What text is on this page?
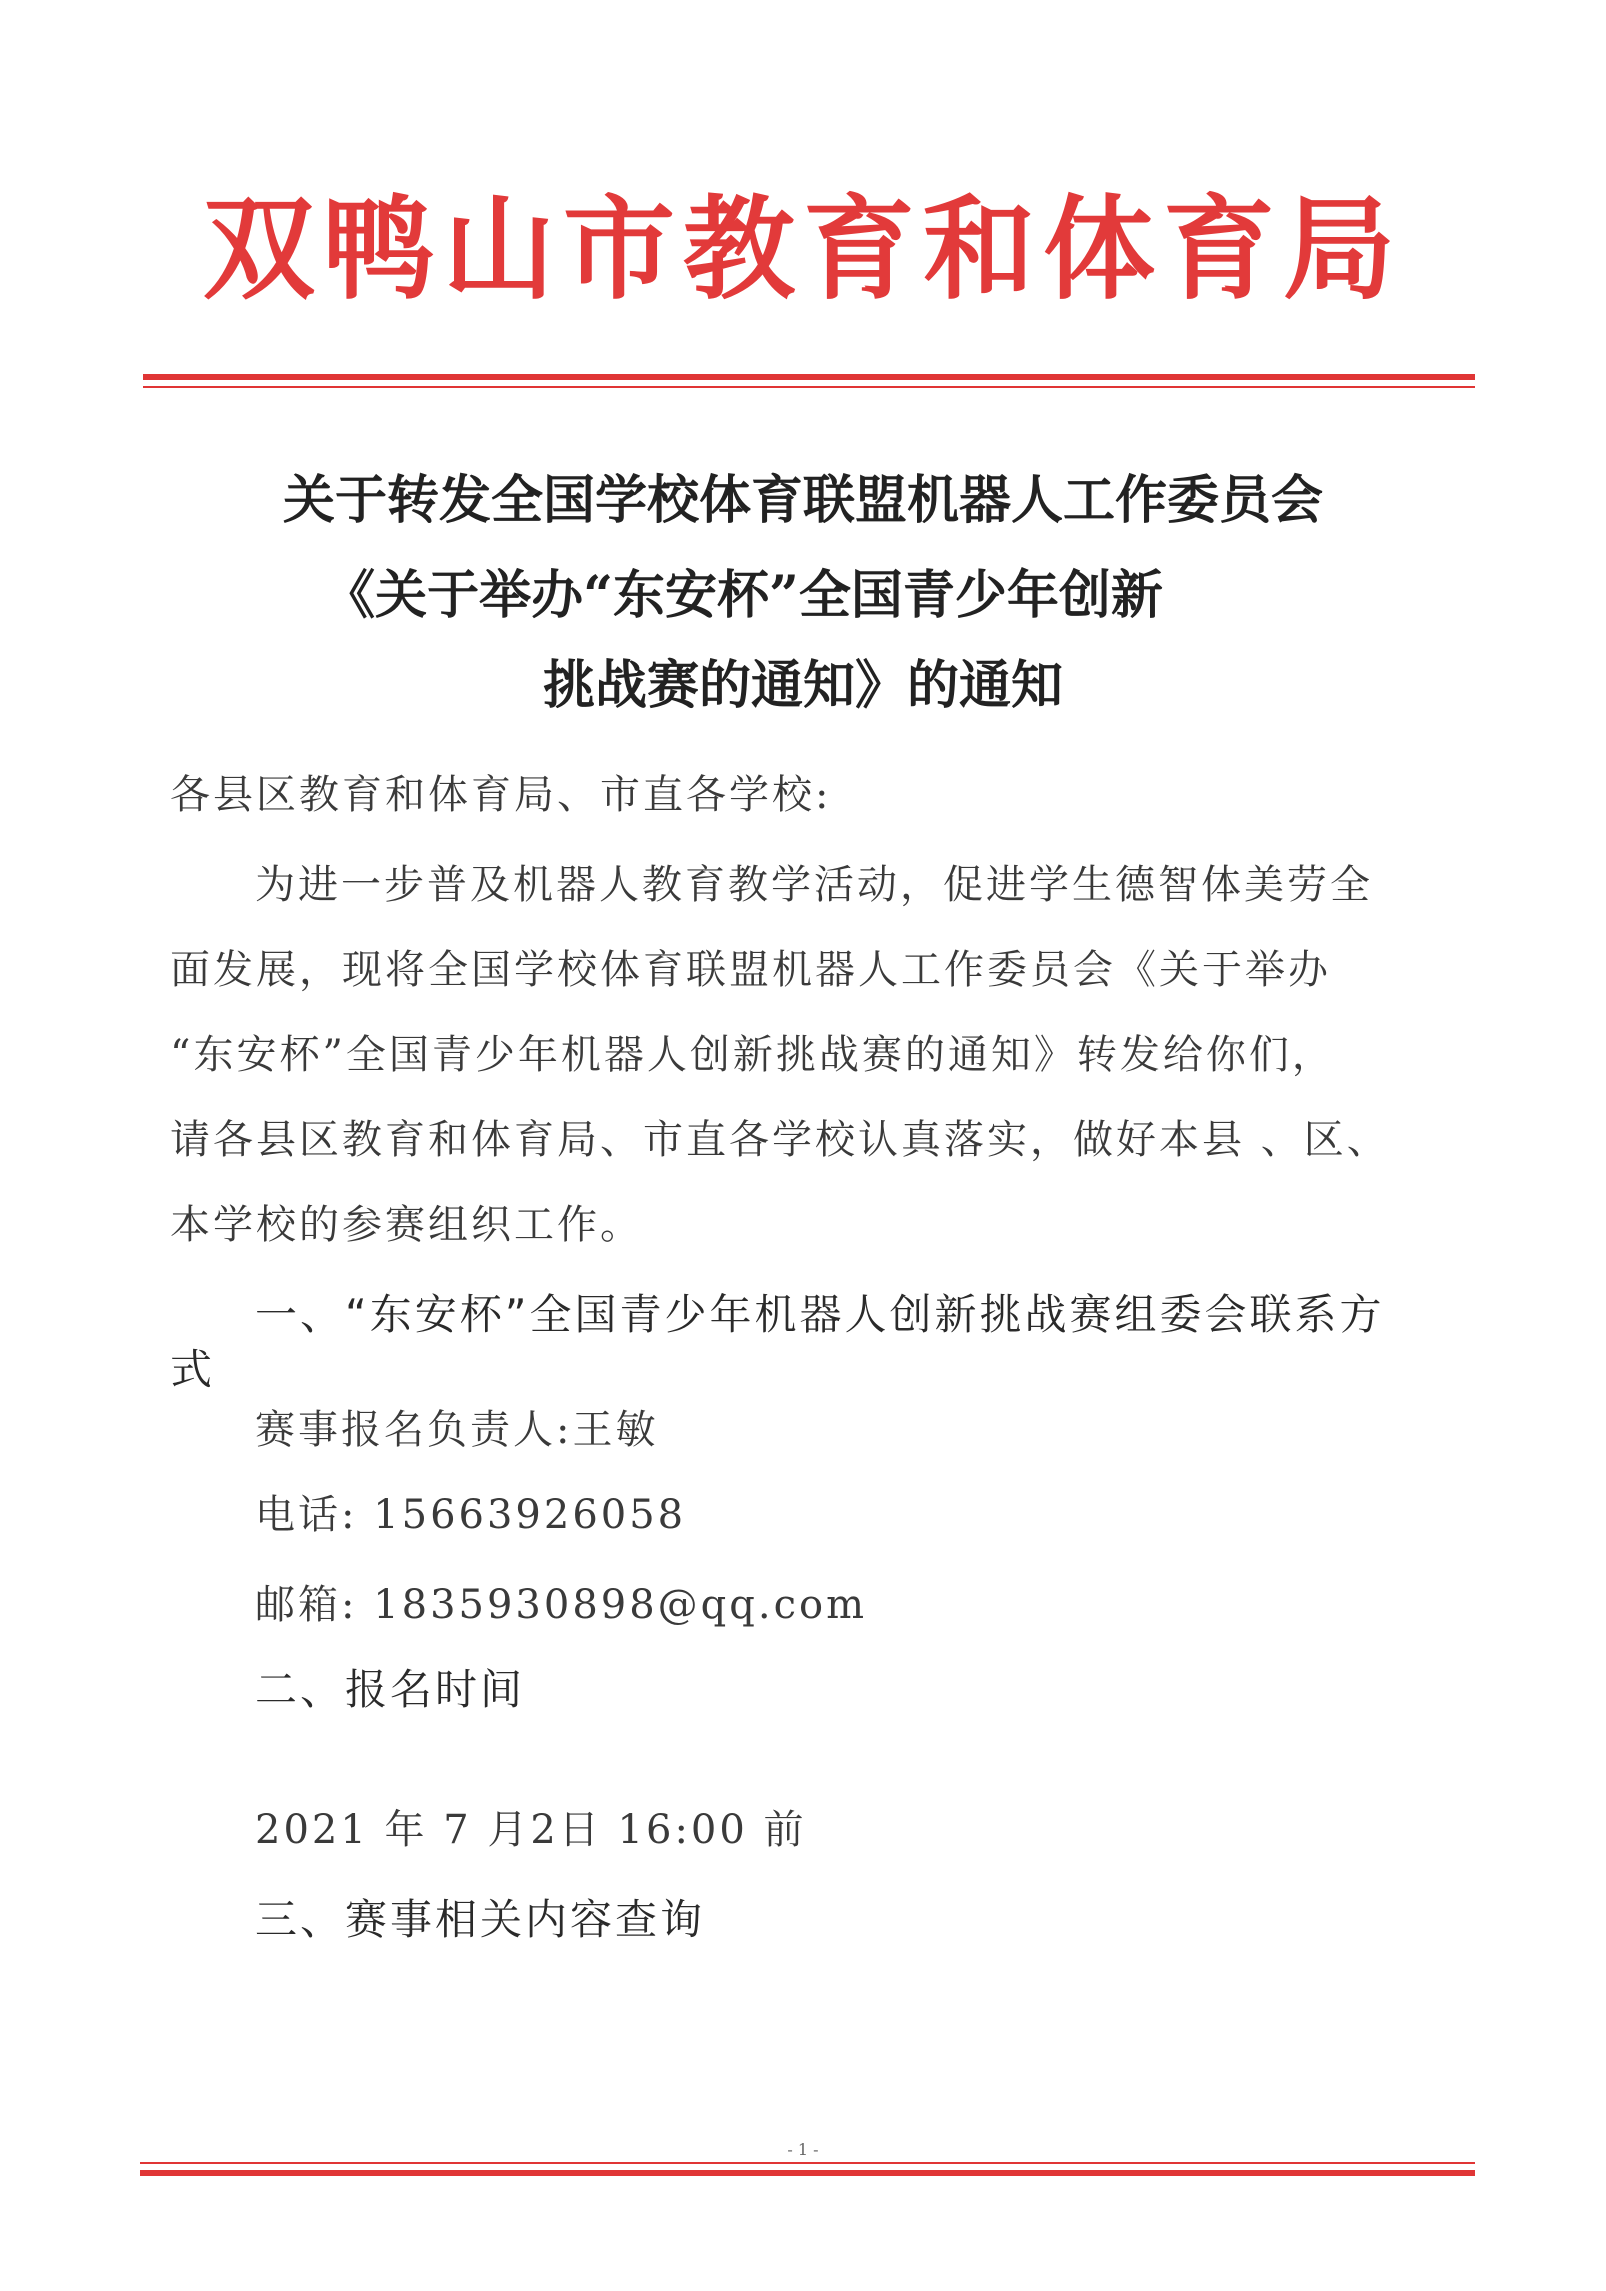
双鸭山市教育和体育局
关于转发全国学校体育联盟机器人工作委员会
《关于举办“东安杯”全国青少年创新
挑战赛的通知》的通知
各县区教育和体育局、市直各学校:
为进一步普及机器人教育教学活动，促进学生德智体美劳全
面发展，现将全国学校体育联盟机器人工作委员会《关于举办
“东安杯”全国青少年机器人创新挑战赛的通知》转发给你们，
请各县区教育和体育局、市直各学校认真落实，做好本县 、区、
本学校的参赛组织工作。
一、“东安杯”全国青少年机器人创新挑战赛组委会联系方
式
赛事报名负责人:王敏
电话: 15663926058
邮箱: 1835930898@qq.com
二、报名时间
2021 年 7 月2日 16:00 前
三、赛事相关内容查询
- 1 -
